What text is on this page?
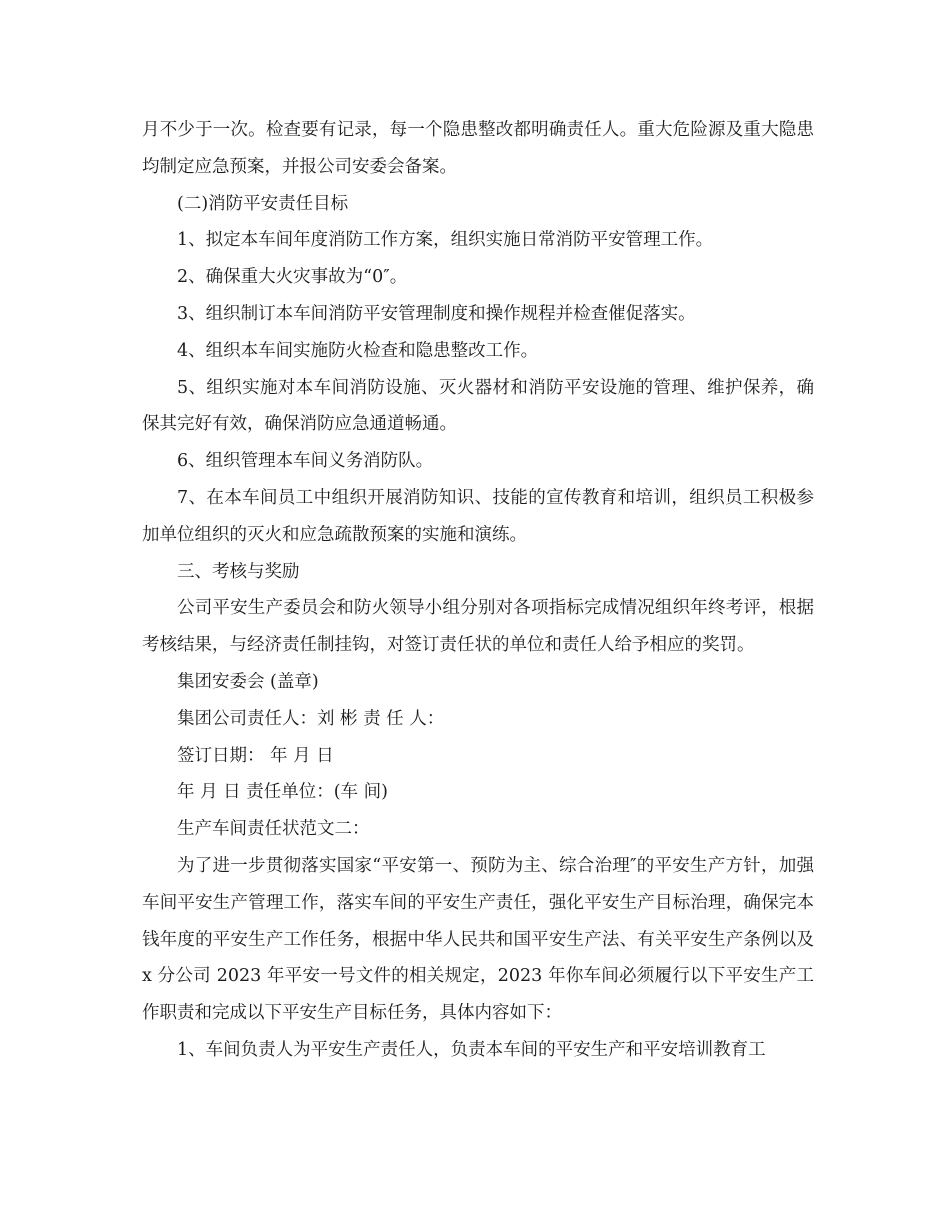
月不少于一次。检查要有记录，每一个隐患整改都明确责任人。重大危险源及重大隐患均制定应急预案，并报公司安委会备案。

(二)消防平安责任目标

1、拟定本车间年度消防工作方案，组织实施日常消防平安管理工作。

2、确保重大火灾事故为“0″。

3、组织制订本车间消防平安管理制度和操作规程并检查催促落实。

4、组织本车间实施防火检查和隐患整改工作。

5、组织实施对本车间消防设施、灭火器材和消防平安设施的管理、维护保养，确保其完好有效，确保消防应急通道畅通。

6、组织管理本车间义务消防队。

7、在本车间员工中组织开展消防知识、技能的宣传教育和培训，组织员工积极参加单位组织的灭火和应急疏散预案的实施和演练。

三、考核与奖励

公司平安生产委员会和防火领导小组分别对各项指标完成情况组织年终考评，根据考核结果，与经济责任制挂钩，对签订责任状的单位和责任人给予相应的奖罚。

集团安委会 (盖章)

集团公司责任人：刘 彬 责 任 人：

签订日期： 年 月 日

年 月 日 责任单位：(车 间)

生产车间责任状范文二：

为了进一步贯彻落实国家“平安第一、预防为主、综合治理″的平安生产方针，加强车间平安生产管理工作，落实车间的平安生产责任，强化平安生产目标治理，确保完本钱年度的平安生产工作任务，根据中华人民共和国平安生产法、有关平安生产条例以及 x 分公司 2023 年平安一号文件的相关规定，2023 年你车间必须履行以下平安生产工作职责和完成以下平安生产目标任务，具体内容如下：

1、车间负责人为平安生产责任人，负责本车间的平安生产和平安培训教育工
